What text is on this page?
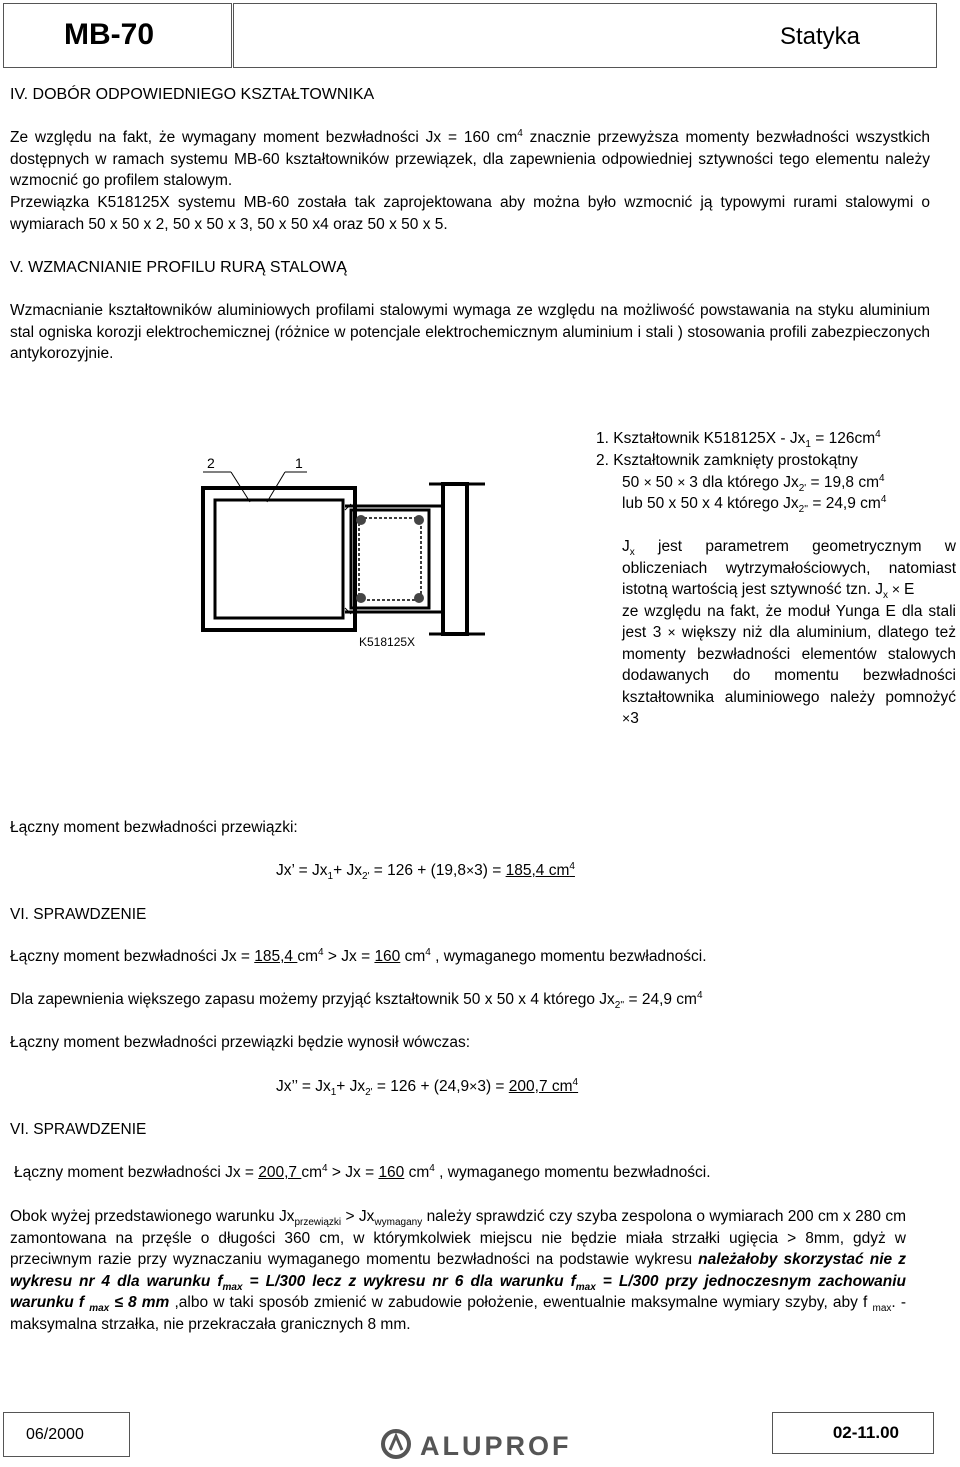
MB-70	Statyka
IV. DOBÓR ODPOWIEDNIEGO KSZTAŁTOWNIKA
Ze względu na fakt, że wymagany moment bezwładności Jx = 160 $cm^4$ znacznie przewyższa momenty bezwładności wszystkich dostępnych w ramach systemu MB-60 kształtowników przewiązek, dla zapewnienia odpowiedniej sztywności tego elementu należy wzmocnić go profilem stalowym.
Przewiązka K518125X systemu MB-60 została tak zaprojektowana aby można było wzmocnić ją typowymi rurami stalowymi o wymiarach 50 x 50 x 2, 50 x 50 x 3, 50 x 50 x4 oraz 50 x 50 x 5.
V. WZMACNIANIE PROFILU RURĄ STALOWĄ
Wzmacnianie kształtowników aluminiowych profilami stalowymi wymaga ze względu na możliwość powstawania na styku aluminium stal ogniska korozji elektrochemicznej (różnice w potencjale elektrochemicznym aluminium i stali ) stosowania profili zabezpieczonych antykorozyjnie.
2	1
K518125X
1. Kształtownik $K518125X - Jx_1 = 126cm^4$
2. Kształtownik zamknięty prostokątny
50 × 50 × 3 dla którego $Jx_{2'} = 19,8$ $cm^4$
lub 50 x 50 x 4 którego $Jx_{2''} = 24,9$ $cm^4$
$J_x$ jest parametrem geometrycznym w obliczeniach wytrzymałościowych, natomiast istotną wartością jest sztywność tzn. $J_x \times E$
ze względu na fakt, że moduł Yunga E dla stali jest 3 × większy niż dla aluminium, dlatego też momenty bezwładności elementów stalowych dodawanych do momentu bezwładności kształtownika aluminiowego należy pomnożyć ×3
Łączny moment bezwładności przewiązki:
Jx’ = $Jx_1+ Jx_{2'} = 126 + (19,8\times 3) = 185,4$ $cm^4$
VI. SPRAWDZENIE
Łączny moment bezwładności Jx = 185,4 $cm^4 > Jx = 160$ $cm^4$ , wymaganego momentu bezwładności.
Dla zapewnienia większego zapasu możemy przyjąć kształtownik 50 x 50 x 4 którego $Jx_{2''} = 24,9$ $cm^4$
Łączny moment bezwładności przewiązki będzie wynosił wówczas:
Jx’’ = $Jx_1+ Jx_{2'} = 126 + (24,9\times 3) = 200,7$ $cm^4$
VI. SPRAWDZENIE
Łączny moment bezwładności Jx = 200,7 $cm^4 > Jx = 160$ $cm^4$ , wymaganego momentu bezwładności.
Obok wyżej przedstawionego warunku $Jx_{przewiązki} > Jx_{wymagany}$ należy sprawdzić czy szyba zespolona o wymiarach 200 cm x 280 cm zamontowana na przęśle o długości 360 cm, w którymkolwiek miejscu nie będzie miała strzałki ugięcia > 8mm, gdyż w przeciwnym razie przy wyznaczaniu wymaganego momentu bezwładności na podstawie wykresu należałoby skorzystać nie z wykresu nr 4 dla warunku $f_{max} = L/300$ lecz z wykresu nr 6 dla warunku $f_{max} = L/300$ przy jednoczesnym zachowaniu warunku f $_{max}$ ≤ 8 mm ,albo w taki sposób zmienić w zabudowie położenie, ewentualnie maksymalne wymiary szyby, aby f $_{max}$. - maksymalna strzałka, nie przekraczała granicznych 8 mm.
06/2000	ALUPROF	02-11.00
